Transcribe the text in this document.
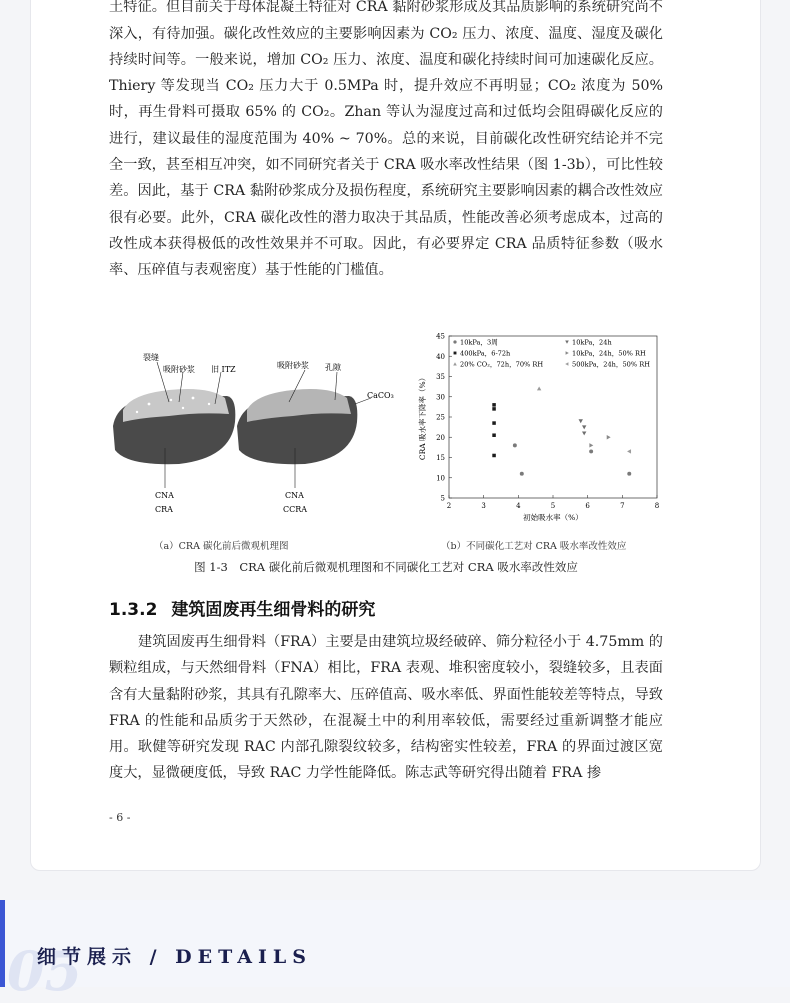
土特征。但目前关于母体混凝土特征对 CRA 黏附砂浆形成及其品质影响的系统研究尚不深入，有待加强。碳化改性效应的主要影响因素为 CO₂ 压力、浓度、温度、湿度及碳化持续时间等。一般来说，增加 CO₂ 压力、浓度、温度和碳化持续时间可加速碳化反应。Thiery 等发现当 CO₂ 压力大于 0.5MPa 时，提升效应不再明显；CO₂ 浓度为 50% 时，再生骨料可摄取 65% 的 CO₂。Zhan 等认为湿度过高和过低均会阻碍碳化反应的进行，建议最佳的湿度范围为 40% ~ 70%。总的来说，目前碳化改性研究结论并不完全一致，甚至相互冲突，如不同研究者关于 CRA 吸水率改性结果（图 1-3b），可比性较差。因此，基于 CRA 黏附砂浆成分及损伤程度，系统研究主要影响因素的耦合改性效应很有必要。此外，CRA 碳化改性的潜力取决于其品质，性能改善必须考虑成本，过高的改性成本获得极低的改性效果并不可取。因此，有必要界定 CRA 品质特征参数（吸水率、压碎值与表观密度）基于性能的门槛值。

裂缝
吸附砂浆 旧 ITZ
CNA
CRA
吸附砂浆 孔隙
CaCO₃
CNA
CCRA	2	3	4	5	6	7	8
5
10
15
20
25
30
35
40
45
初始吸水率（%）
CRA 吸水率下降率（%）
10kPa，3周
400kPa，6-72h
20% CO₂，72h，70% RH
10kPa，24h
10kPa，24h，50% RH
500kPa，24h，50% RH
（a）CRA 碳化前后微观机理图	（b）不同碳化工艺对 CRA 吸水率改性效应
图 1-3　CRA 碳化前后微观机理图和不同碳化工艺对 CRA 吸水率改性效应
1.3.2 建筑固废再生细骨料的研究

建筑固废再生细骨料（FRA）主要是由建筑垃圾经破碎、筛分粒径小于 4.75mm 的颗粒组成，与天然细骨料（FNA）相比，FRA 表观、堆积密度较小，裂缝较多，且表面含有大量黏附砂浆，其具有孔隙率大、压碎值高、吸水率低、界面性能较差等特点，导致 FRA 的性能和品质劣于天然砂，在混凝土中的利用率较低，需要经过重新调整才能应用。耿健等研究发现 RAC 内部孔隙裂纹较多，结构密实性较差，FRA 的界面过渡区宽度大，显微硬度低，导致 RAC 力学性能降低。陈志武等研究得出随着 FRA 掺

- 6 -
05
细节展示 / DETAILS
